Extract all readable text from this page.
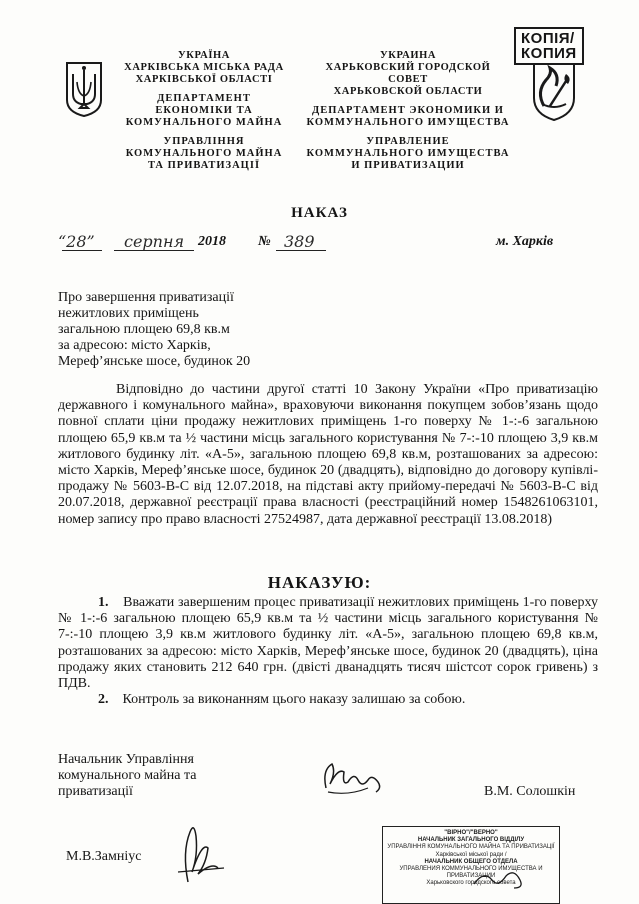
УКРАЇНА
ХАРКІВСЬКА МІСЬКА РАДА
ХАРКІВСЬКОЇ ОБЛАСТІ
ДЕПАРТАМЕНТ
ЕКОНОМІКИ ТА
КОМУНАЛЬНОГО МАЙНА
УПРАВЛІННЯ
КОМУНАЛЬНОГО МАЙНА
ТА ПРИВАТИЗАЦІЇ
УКРАИНА
ХАРЬКОВСКИЙ ГОРОДСКОЙ
СОВЕТ
ХАРЬКОВСКОЙ ОБЛАСТИ
ДЕПАРТАМЕНТ ЭКОНОМИКИ И
КОММУНАЛЬНОГО ИМУЩЕСТВА
УПРАВЛЕНИЕ
КОММУНАЛЬНОГО ИМУЩЕСТВА
И ПРИВАТИЗАЦИИ
КОПІЯ/
КОПИЯ
НАКАЗ
“28” серпня 2018 № 389	м. Харків
Про завершення приватизації
нежитлових приміщень
загальною площею 69,8 кв.м
за адресою: місто Харків,
Мереф’янське шосе, будинок 20

Відповідно до частини другої статті 10 Закону України «Про приватизацію державного і комунального майна», враховуючи виконання покупцем зобов’язань щодо повної сплати ціни продажу нежитлових приміщень 1-го поверху № 1-:-6 загальною площею 65,9 кв.м та ½ частини місць загального користування № 7-:-10 площею 3,9 кв.м житлового будинку літ. «А-5», загальною площею 69,8 кв.м, розташованих за адресою: місто Харків, Мереф’янське шосе, будинок 20 (двадцять), відповідно до договору купівлі-продажу № 5603-В-С від 12.07.2018, на підставі акту прийому-передачі № 5603-В-С від 20.07.2018, державної реєстрації права власності (реєстраційний номер 1548261063101, номер запису про право власності 27524987, дата державної реєстрації 13.08.2018)

НАКАЗУЮ:

1. Вважати завершеним процес приватизації нежитлових приміщень 1-го поверху № 1-:-6 загальною площею 65,9 кв.м та ½ частини місць загального користування № 7-:-10 площею 3,9 кв.м житлового будинку літ. «А-5», загальною площею 69,8 кв.м, розташованих за адресою: місто Харків, Мереф’янське шосе, будинок 20 (двадцять), ціна продажу яких становить 212 640 грн. (двісті дванадцять тисяч шістсот сорок гривень) з ПДВ.

2. Контроль за виконанням цього наказу залишаю за собою.

Начальник Управління
комунального майна та
приватизації	В.М. Солошкін
М.В.Замніус
"ВІРНО"/"ВЕРНО"
НАЧАЛЬНИК ЗАГАЛЬНОГО ВІДДІЛУ
УПРАВЛІННЯ КОМУНАЛЬНОГО МАЙНА ТА ПРИВАТИЗАЦІЇ
Харківської міської ради /
НАЧАЛЬНИК ОБЩЕГО ОТДЕЛА
УПРАВЛЕНИЯ КОММУНАЛЬНОГО ИМУЩЕСТВА И ПРИВАТИЗАЦИИ
Харьковского городского совета
